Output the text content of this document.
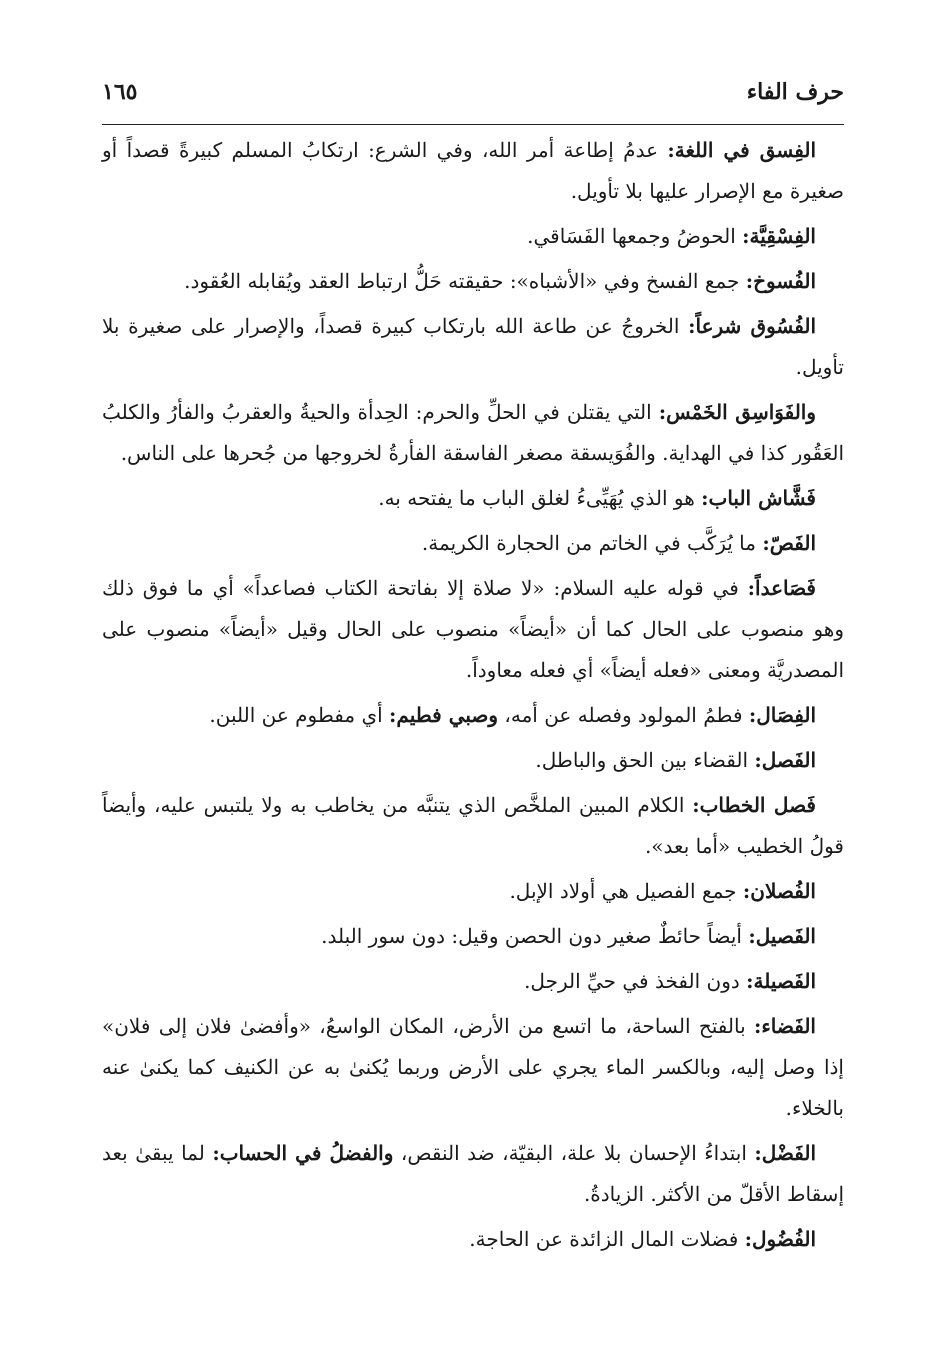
حرف الفاء
١٦٥

الفِسق في اللغة: عدمُ إطاعة أمر الله، وفي الشرع: ارتكابُ المسلم كبيرةً قصداً أو صغيرة مع الإصرار عليها بلا تأويل.

الفِسْقِيَّة: الحوضُ وجمعها الفَسَاقي.

الفُسوخ: جمع الفسخ وفي «الأشباه»: حقيقته حَلُّ ارتباط العقد ويُقابله العُقود.

الفُسُوق شرعاً: الخروجُ عن طاعة الله بارتكاب كبيرة قصداً، والإصرار على صغيرة بلا تأويل.

والفَوَاسِق الخَمْس: التي يقتلن في الحلِّ والحرم: الحِدأة والحيةُ والعقربُ والفأرُ والكلبُ العَقُور كذا في الهداية. والفُوَيسقة مصغر الفاسقة الفأرةُ لخروجها من جُحرها على الناس.

فَشَّاش الباب: هو الذي يُهَيِّىءُ لغلق الباب ما يفتحه به.

الفَصّ: ما يُرَكَّب في الخاتم من الحجارة الكريمة.

فَصَاعداً: في قوله عليه السلام: «لا صلاة إلا بفاتحة الكتاب فصاعداً» أي ما فوق ذلك وهو منصوب على الحال كما أن «أيضاً» منصوب على الحال وقيل «أيضاً» منصوب على المصدريَّة ومعنى «فعله أيضاً» أي فعله معاوداً.

الفِصَال: فطمُ المولود وفصله عن أمه، وصبي فطيم: أي مفطوم عن اللبن.

الفَصل: القضاء بين الحق والباطل.

فَصل الخطاب: الكلام المبين الملخَّص الذي يتنبَّه من يخاطب به ولا يلتبس عليه، وأيضاً قولُ الخطيب «أما بعد».

الفُصلان: جمع الفصيل هي أولاد الإبل.

الفَصيل: أيضاً حائطٌ صغير دون الحصن وقيل: دون سور البلد.

الفَصيلة: دون الفخذ في حيِّ الرجل.

الفَضاء: بالفتح الساحة، ما اتسع من الأرض، المكان الواسعُ، «وأفضىٰ فلان إلى فلان» إذا وصل إليه، وبالكسر الماء يجري على الأرض وربما يُكنىٰ به عن الكنيف كما يكنىٰ عنه بالخلاء.

الفَضْل: ابتداءُ الإحسان بلا علة، البقيّة، ضد النقص، والفضلُ في الحساب: لما يبقىٰ بعد إسقاط الأقلّ من الأكثر. الزيادةُ.

الفُضُول: فضلات المال الزائدة عن الحاجة.
